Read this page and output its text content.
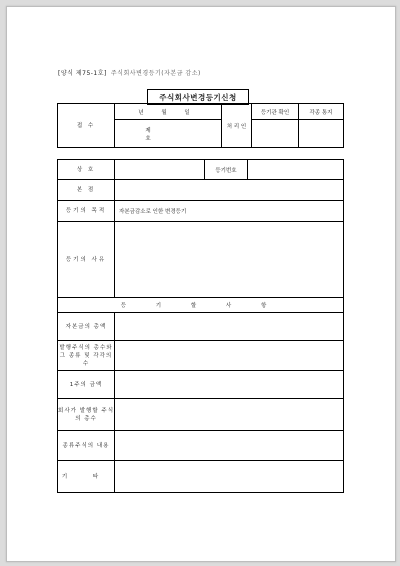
[양식 제75-1호] 주식회사변경등기(자본금 감소)
주식회사변경등기신청
접 수	년 월 일	처 리 인	등기관 확인	각종 통지
	제 호			
상 호		등기번호	
본 점			
등기의 목적	자본금감소로 인한 변경등기		
등기의 사유			
등 기 할 사 항			
자본금의 총액			
발행주식의 총수와 그 종류 및 각각의 수			
1주의 금액			
회사가 발행할 주식의 총수			
종류주식의 내용			
기 타			
